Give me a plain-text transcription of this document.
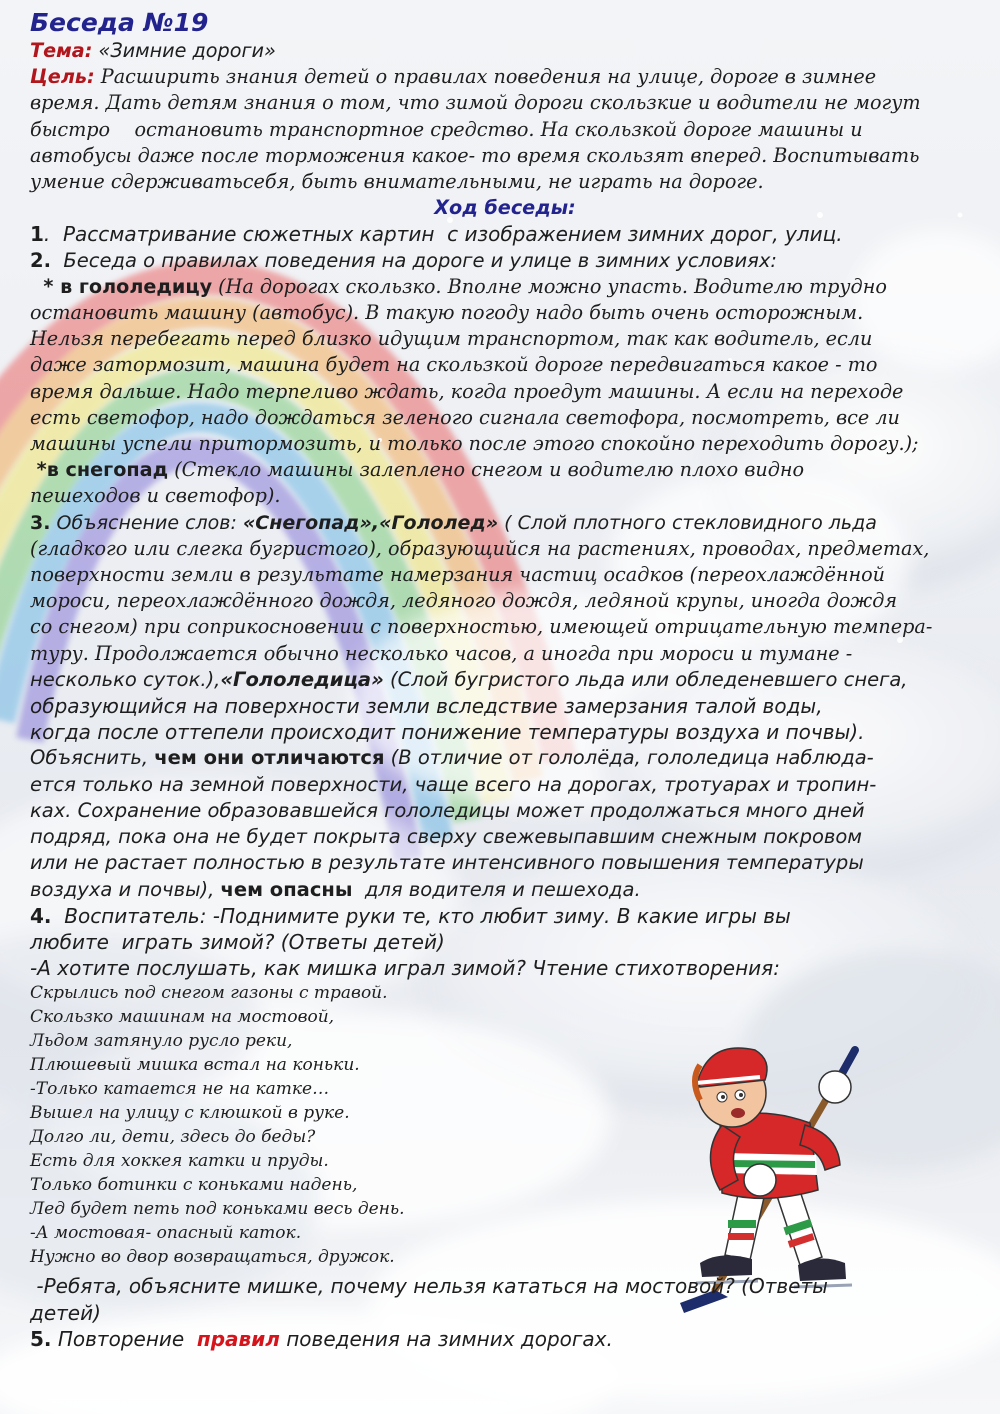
Беседа №19

Тема: «Зимние дороги»

Цель: Расширить знания детей о правилах поведения на улице, дороге в зимнее

время. Дать детям знания о том, что зимой дороги скользкие и водители не могут

быстро    остановить транспортное средство. На скользкой дороге машины и

автобусы даже после торможения какое- то время скользят вперед. Воспитывать

умение сдерживатьсебя, быть внимательными, не играть на дороге.

Ход беседы:

1.  Рассматривание сюжетных картин  с изображением зимних дорог, улиц.

2.  Беседа о правилах поведения на дороге и улице в зимних условиях:

* в гололедицу (На дорогах скользко. Вполне можно упасть. Водителю трудно

остановить машину (автобус). В такую погоду надо быть очень осторожным.

Нельзя перебегать перед близко идущим транспортом, так как водитель, если

даже затормозит, машина будет на скользкой дороге передвигаться какое - то

время дальше. Надо терпеливо ждать, когда проедут машины. А если на переходе

есть светофор, надо дождаться зеленого сигнала светофора, посмотреть, все ли

машины успели притормозить, и только после этого спокойно переходить дорогу.);

*в снегопад (Стекло машины залеплено снегом и водителю плохо видно

пешеходов и светофор).

3. Объяснение слов: «Снегопад»,«Гололед» ( Слой плотного стекловидного льда

(гладкого или слегка бугристого), образующийся на растениях, проводах, предметах,

поверхности земли в результате намерзания частиц осадков (переохлаждённой

мороси, переохлаждённого дождя, ледяного дождя, ледяной крупы, иногда дождя

со снегом) при соприкосновении с поверхностью, имеющей отрицательную темпера-

туру. Продолжается обычно несколько часов, а иногда при мороси и тумане -

несколько суток.),«Гололедица» (Слой бугристого льда или обледеневшего снега,

образующийся на поверхности земли вследствие замерзания талой воды,

когда после оттепели происходит понижение температуры воздуха и почвы).

Объяснить, чем они отличаются (В отличие от гололёда, гололедица наблюда-

ется только на земной поверхности, чаще всего на дорогах, тротуарах и тропин-

ках. Сохранение образовавшейся гололедицы может продолжаться много дней

подряд, пока она не будет покрыта сверху свежевыпавшим снежным покровом

или не растает полностью в результате интенсивного повышения температуры

воздуха и почвы), чем опасны  для водителя и пешехода.

4.  Воспитатель: -Поднимите руки те, кто любит зиму. В какие игры вы

любите  играть зимой? (Ответы детей)

-А хотите послушать, как мишка играл зимой? Чтение стихотворения:

Скрылись под снегом газоны с травой.
Скользко машинам на мостовой,
Льдом затянуло русло реки,
Плюшевый мишка встал на коньки.
-Только катается не на катке…
Вышел на улицу с клюшкой в руке.
Долго ли, дети, здесь до беды?
Есть для хоккея катки и пруды.
Только ботинки с коньками надень,
Лед будет петь под коньками весь день.
-А мостовая- опасный каток.
Нужно во двор возвращаться, дружок.

-Ребята, объясните мишке, почему нельзя кататься на мостовой? (Ответы

детей)

5. Повторение  правил поведения на зимних дорогах.
